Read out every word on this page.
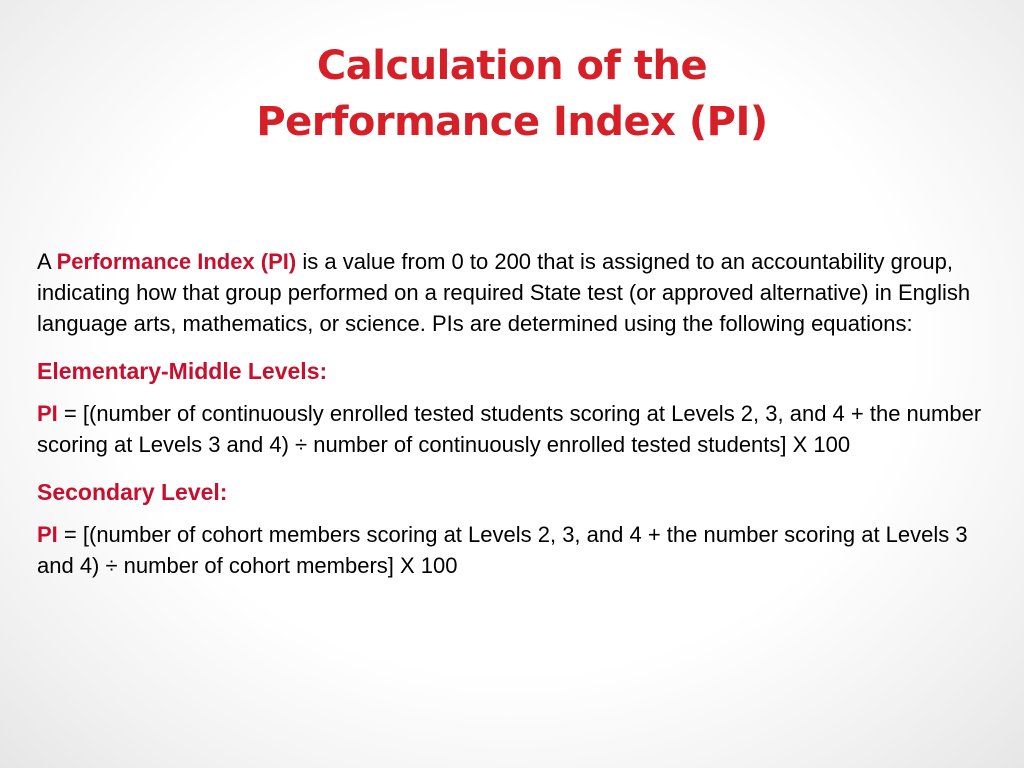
Calculation of the
Performance Index (PI)

A Performance Index (PI) is a value from 0 to 200 that is assigned to an accountability group, indicating how that group performed on a required State test (or approved alternative) in English language arts, mathematics, or science. PIs are determined using the following equations:

Elementary-Middle Levels:

PI = [(number of continuously enrolled tested students scoring at Levels 2, 3, and 4 + the number scoring at Levels 3 and 4) ÷ number of continuously enrolled tested students] X 100

Secondary Level:

PI = [(number of cohort members scoring at Levels 2, 3, and 4 + the number scoring at Levels 3 and 4) ÷ number of cohort members] X 100
